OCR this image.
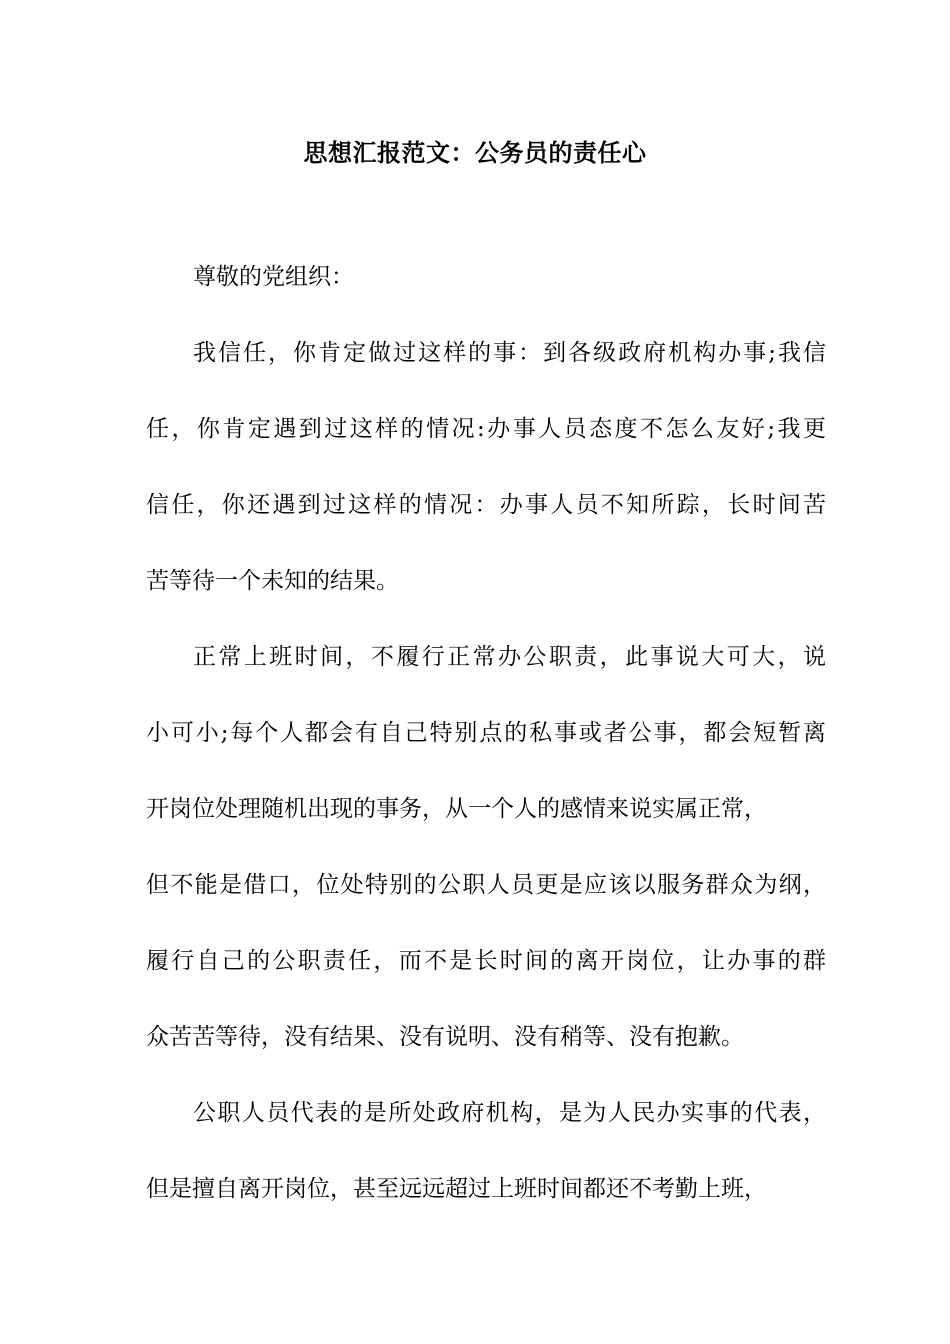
思想汇报范文：公务员的责任心
尊敬的党组织：
我信任，你肯定做过这样的事：到各级政府机构办事;我信
任，你肯定遇到过这样的情况:办事人员态度不怎么友好;我更
信任，你还遇到过这样的情况：办事人员不知所踪，长时间苦
苦等待一个未知的结果。
正常上班时间，不履行正常办公职责，此事说大可大，说
小可小;每个人都会有自己特别点的私事或者公事，都会短暂离
开岗位处理随机出现的事务，从一个人的感情来说实属正常，
但不能是借口，位处特别的公职人员更是应该以服务群众为纲，
履行自己的公职责任，而不是长时间的离开岗位，让办事的群
众苦苦等待，没有结果、没有说明、没有稍等、没有抱歉。
公职人员代表的是所处政府机构，是为人民办实事的代表，
但是擅自离开岗位，甚至远远超过上班时间都还不考勤上班，
